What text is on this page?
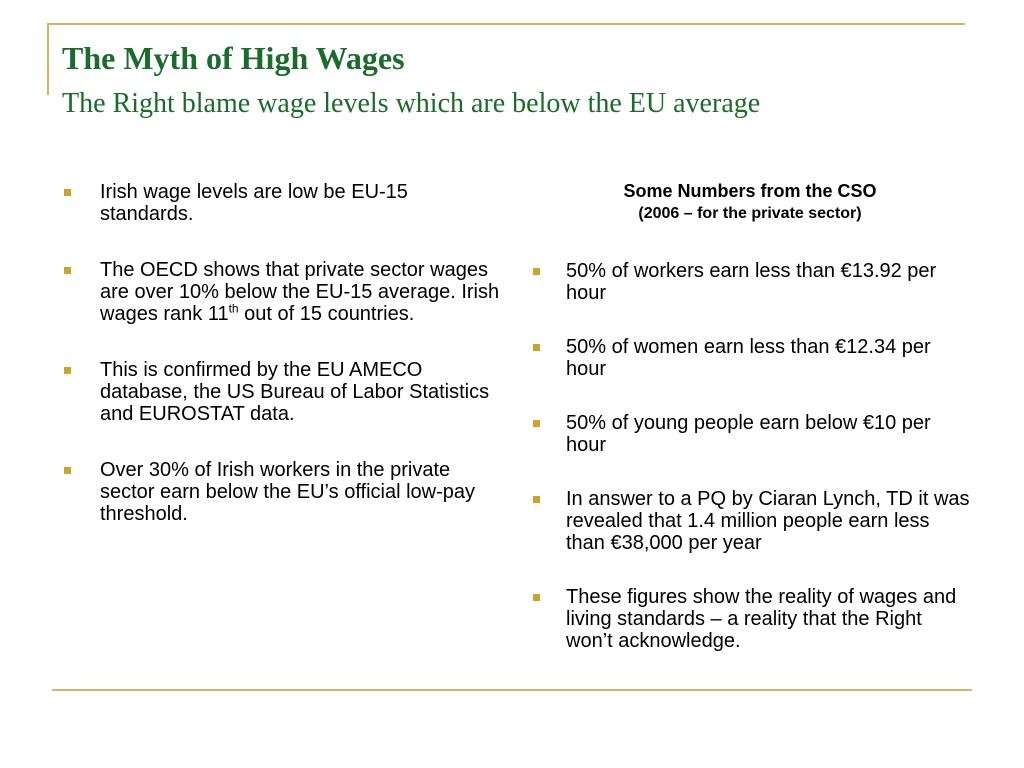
The Myth of High Wages
The Right blame wage levels which are below the EU average
Irish wage levels are low be EU-15 standards.
The OECD shows that private sector wages are over 10% below the EU-15 average. Irish wages rank 11th out of 15 countries.
This is confirmed by the EU AMECO database, the US Bureau of Labor Statistics and EUROSTAT data.
Over 30% of Irish workers in the private sector earn below the EU’s official low-pay threshold.

Some Numbers from the CSO

(2006 – for the private sector)

50% of workers earn less than €13.92 per hour
50% of women earn less than €12.34 per hour
50% of young people earn below €10 per hour
In answer to a PQ by Ciaran Lynch, TD it was revealed that 1.4 million people earn less than €38,000 per year
These figures show the reality of wages and living standards – a reality that the Right won’t acknowledge.
